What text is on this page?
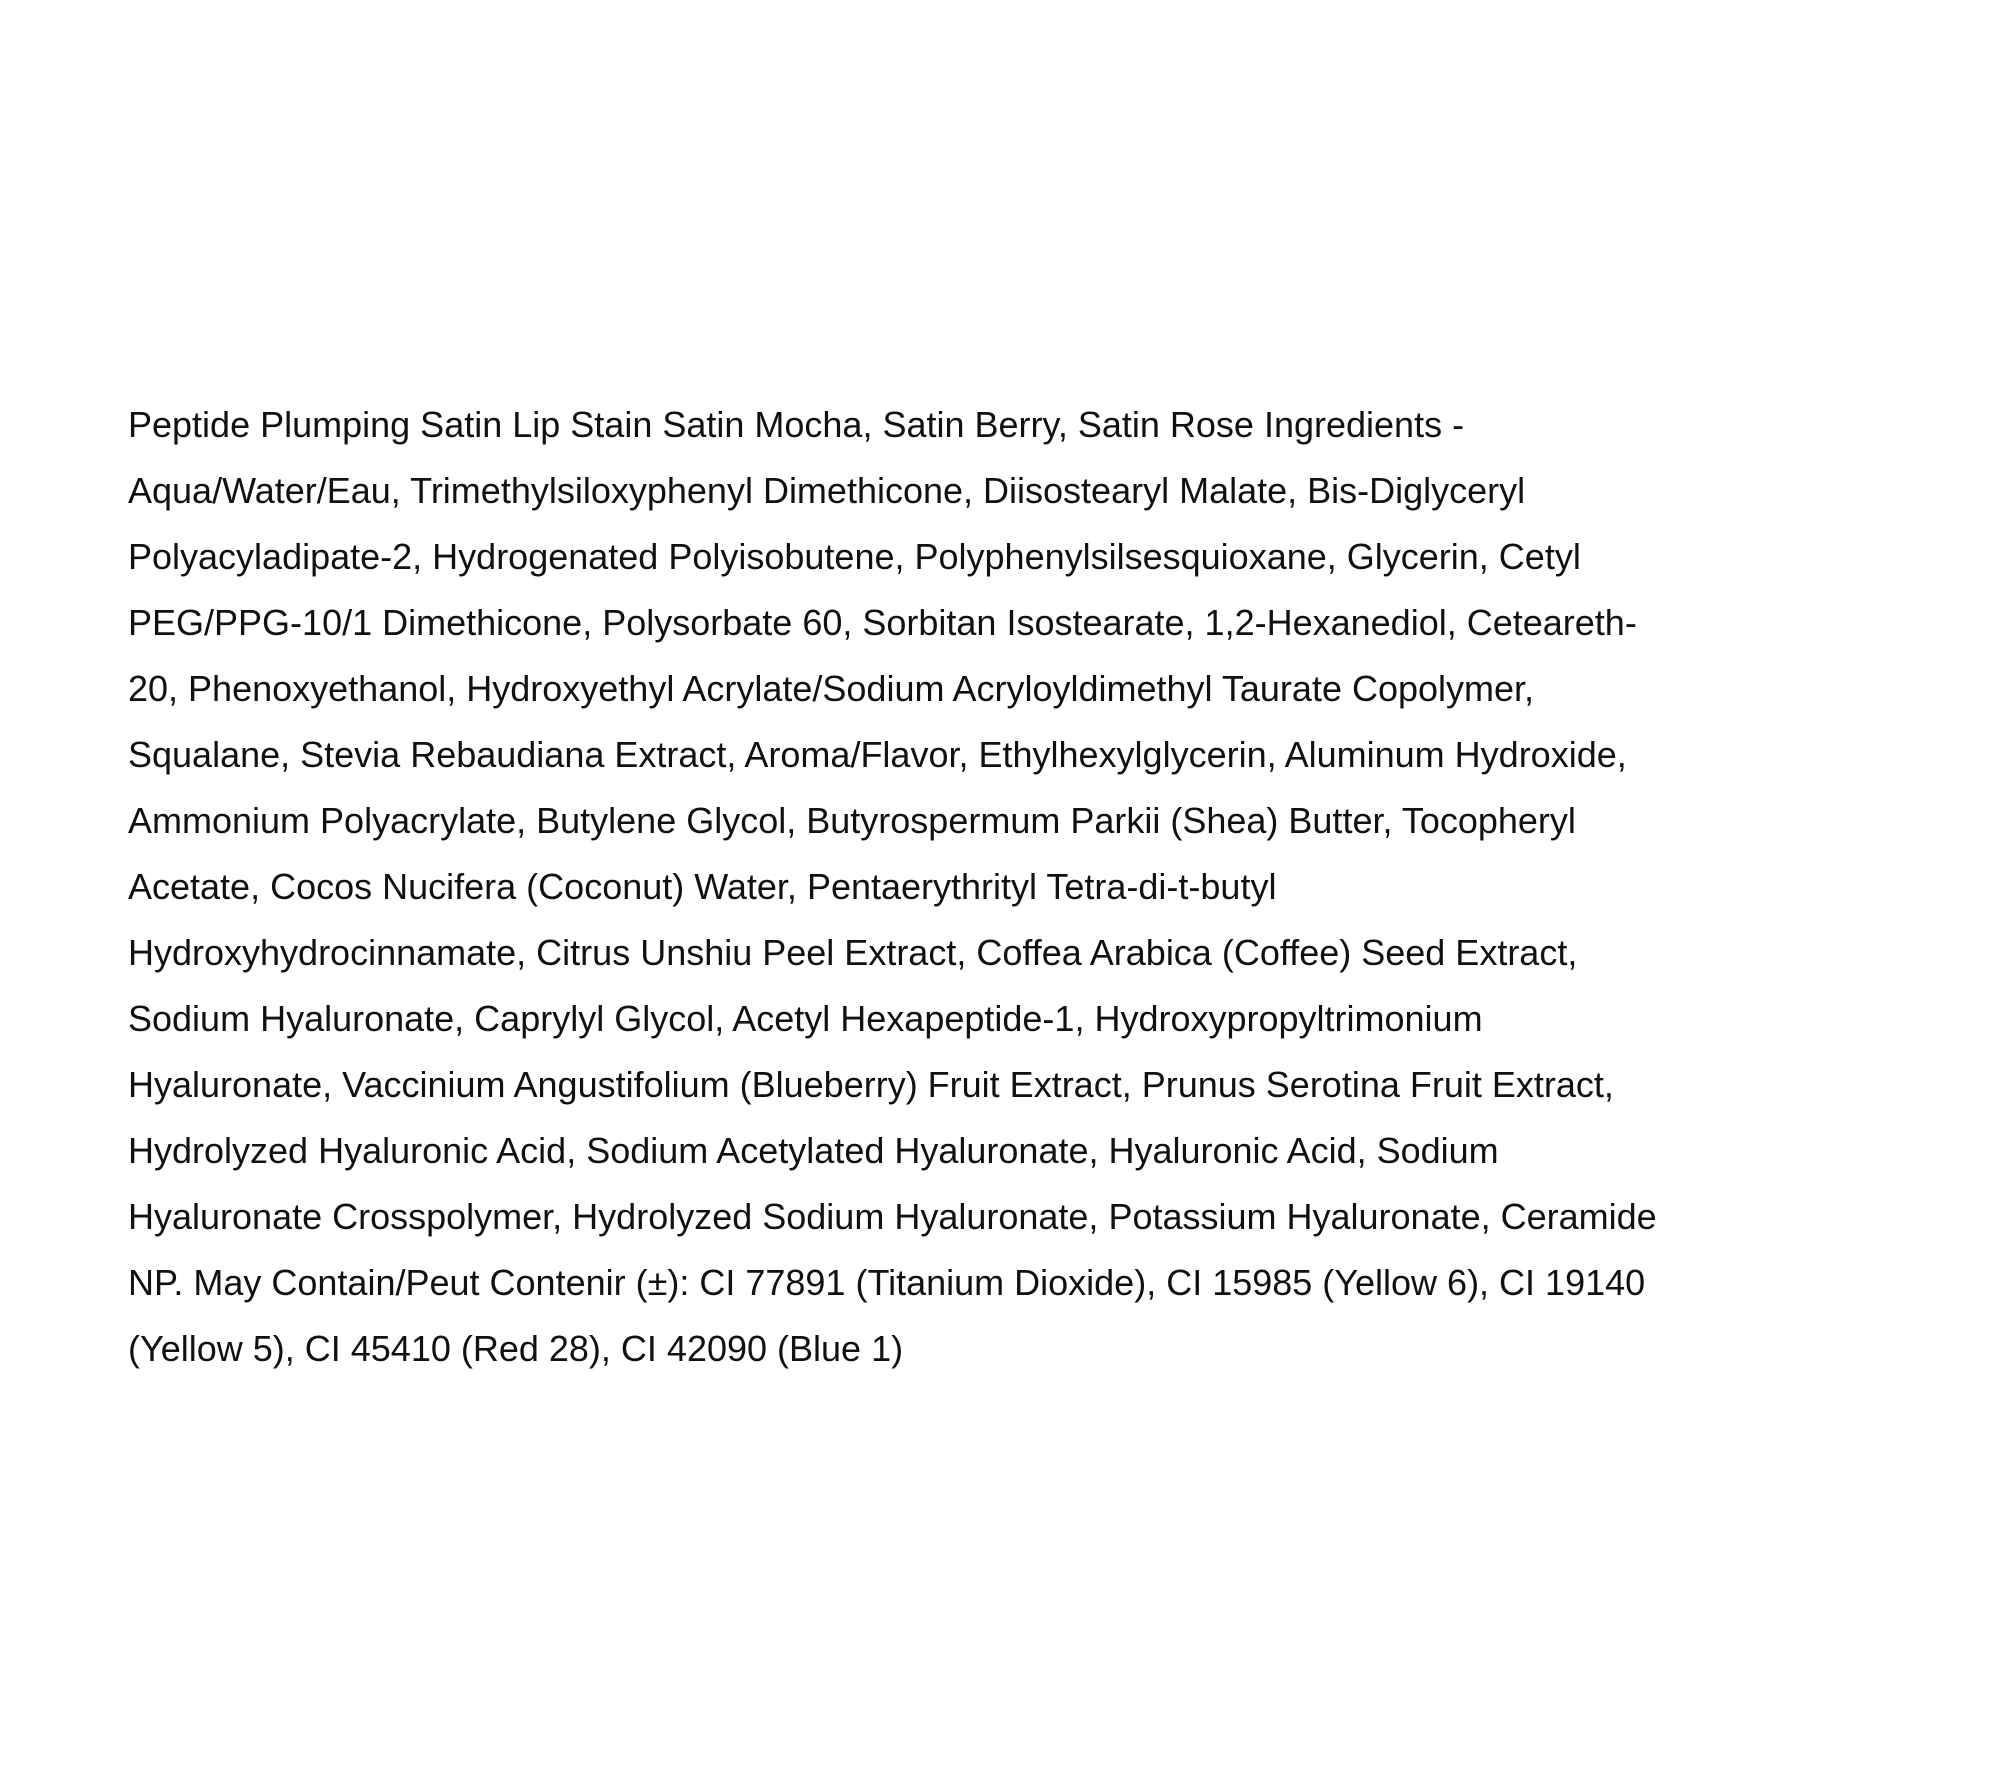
Peptide Plumping Satin Lip Stain Satin Mocha, Satin Berry, Satin Rose Ingredients -
Aqua/Water/Eau, Trimethylsiloxyphenyl Dimethicone, Diisostearyl Malate, Bis-Diglyceryl
Polyacyladipate-2, Hydrogenated Polyisobutene, Polyphenylsilsesquioxane, Glycerin, Cetyl
PEG/PPG-10/1 Dimethicone, Polysorbate 60, Sorbitan Isostearate, 1,2-Hexanediol, Ceteareth-
20, Phenoxyethanol, Hydroxyethyl Acrylate/Sodium Acryloyldimethyl Taurate Copolymer,
Squalane, Stevia Rebaudiana Extract, Aroma/Flavor, Ethylhexylglycerin, Aluminum Hydroxide,
Ammonium Polyacrylate, Butylene Glycol, Butyrospermum Parkii (Shea) Butter, Tocopheryl
Acetate, Cocos Nucifera (Coconut) Water, Pentaerythrityl Tetra-di-t-butyl
Hydroxyhydrocinnamate, Citrus Unshiu Peel Extract, Coffea Arabica (Coffee) Seed Extract,
Sodium Hyaluronate, Caprylyl Glycol, Acetyl Hexapeptide-1, Hydroxypropyltrimonium
Hyaluronate, Vaccinium Angustifolium (Blueberry) Fruit Extract, Prunus Serotina Fruit Extract,
Hydrolyzed Hyaluronic Acid, Sodium Acetylated Hyaluronate, Hyaluronic Acid, Sodium
Hyaluronate Crosspolymer, Hydrolyzed Sodium Hyaluronate, Potassium Hyaluronate, Ceramide
NP. May Contain/Peut Contenir (±): CI 77891 (Titanium Dioxide), CI 15985 (Yellow 6), CI 19140
(Yellow 5), CI 45410 (Red 28), CI 42090 (Blue 1)
